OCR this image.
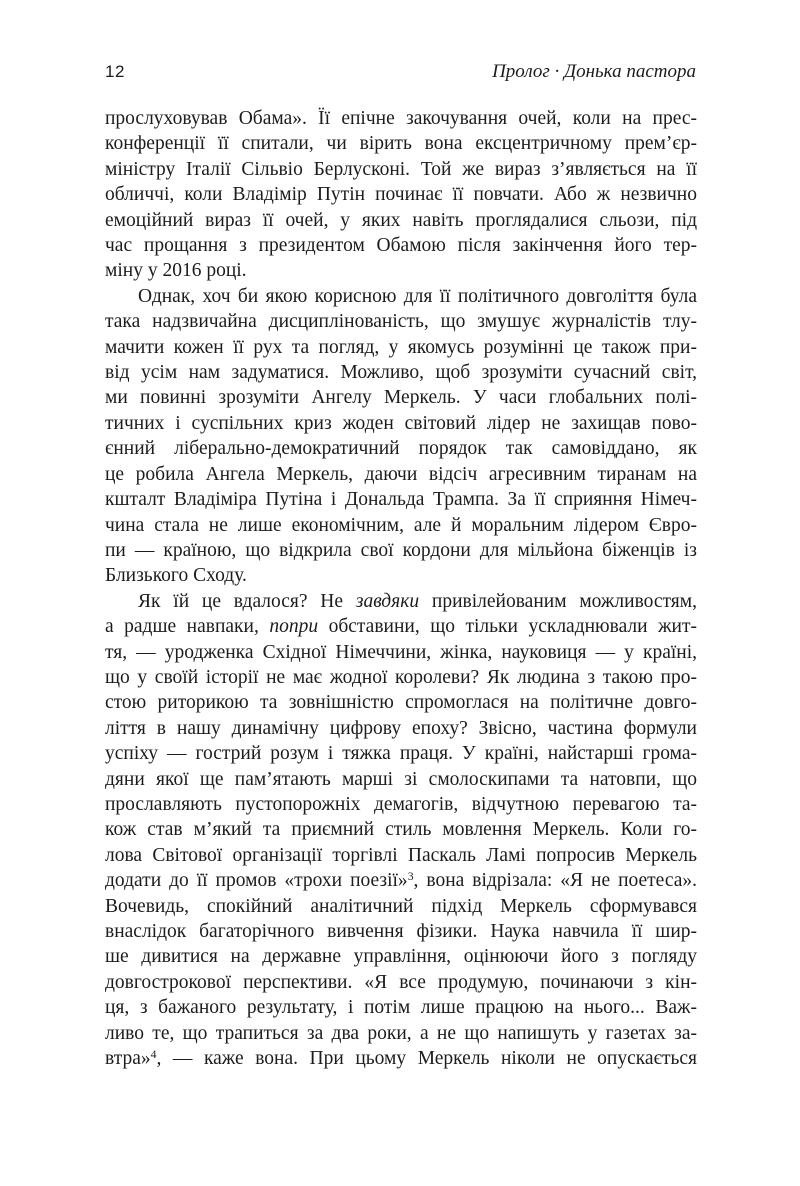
12	Пролог · Донька пастора
прослуховував Обама». Її епічне закочування очей, коли на прес-
конференції її спитали, чи вірить вона ексцентричному прем’єр-
міністру Італії Сільвіо Берлусконі. Той же вираз з’являється на її
обличчі, коли Владімір Путін починає її повчати. Або ж незвично
емоційний вираз її очей, у яких навіть проглядалися сльози, під
час прощання з президентом Обамою після закінчення його тер-
міну у 2016 році.
Однак, хоч би якою корисною для її політичного довголіття була
така надзвичайна дисциплінованість, що змушує журналістів тлу-
мачити кожен її рух та погляд, у якомусь розумінні це також при-
від усім нам задуматися. Можливо, щоб зрозуміти сучасний світ,
ми повинні зрозуміти Ангелу Меркель. У часи глобальних полі-
тичних і суспільних криз жоден світовий лідер не захищав пово-
єнний ліберально-демократичний порядок так самовіддано, як
це робила Ангела Меркель, даючи відсіч агресивним тиранам на
кшталт Владіміра Путіна і Дональда Трампа. За її сприяння Німеч-
чина стала не лише економічним, але й моральним лідером Євро-
пи — країною, що відкрила свої кордони для мільйона біженців із
Близького Сходу.
Як їй це вдалося? Не завдяки привілейованим можливостям,
а радше навпаки, попри обставини, що тільки ускладнювали жит-
тя, — уродженка Східної Німеччини, жінка, науковиця — у країні,
що у своїй історії не має жодної королеви? Як людина з такою про-
стою риторикою та зовнішністю спромоглася на політичне довго-
ліття в нашу динамічну цифрову епоху? Звісно, частина формули
успіху — гострий розум і тяжка праця. У країні, найстарші грома-
дяни якої ще пам’ятають марші зі смолоскипами та натовпи, що
прославляють пустопорожніх демагогів, відчутною перевагою та-
кож став м’який та приємний стиль мовлення Меркель. Коли го-
лова Світової організації торгівлі Паскаль Ламі попросив Меркель
додати до її промов «трохи поезії»$^3$, вона відрізала: «Я не поетеса».
Вочевидь, спокійний аналітичний підхід Меркель сформувався
внаслідок багаторічного вивчення фізики. Наука навчила її шир-
ше дивитися на державне управління, оцінюючи його з погляду
довгострокової перспективи. «Я все продумую, починаючи з кін-
ця, з бажаного результату, і потім лише працюю на нього... Важ-
ливо те, що трапиться за два роки, а не що напишуть у газетах за-
втра»$^4$, — каже вона. При цьому Меркель ніколи не опускається
